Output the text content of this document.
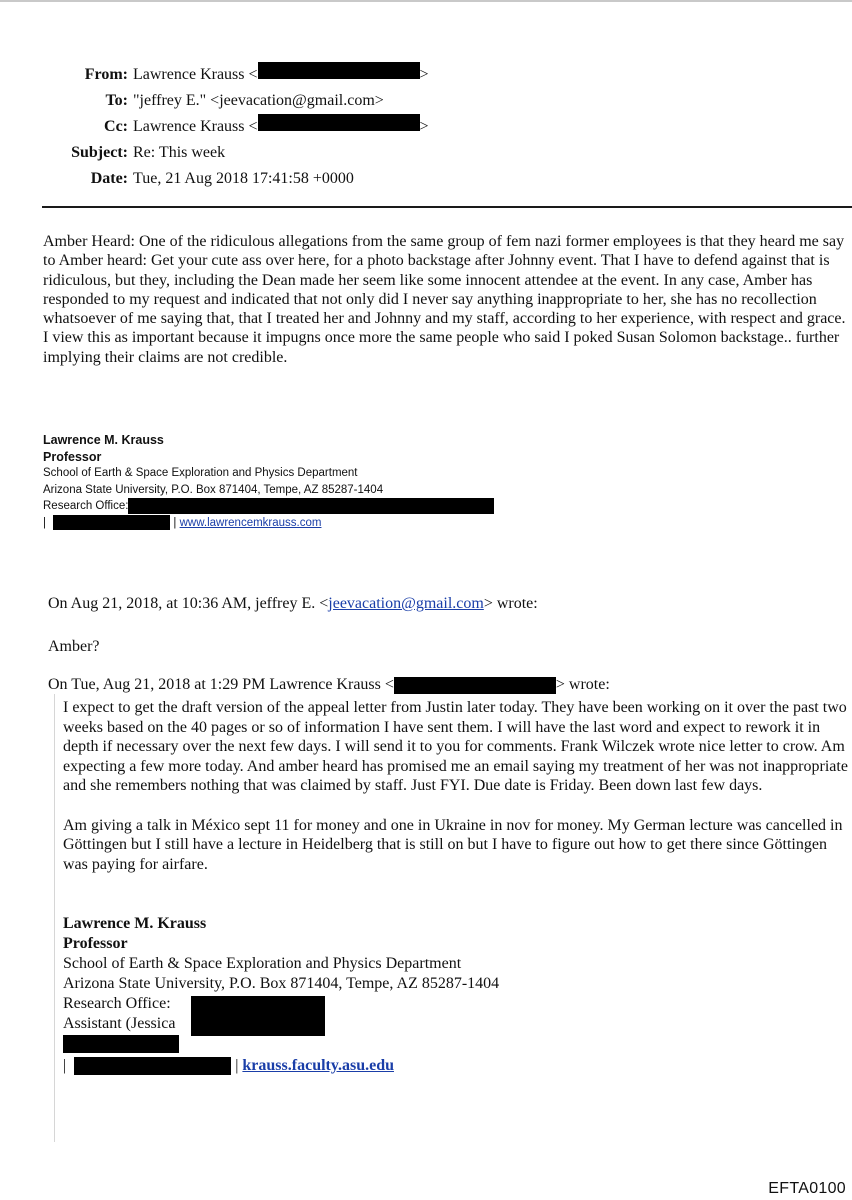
From: Lawrence Krauss <	>
To: "jeffrey E." <jeevacation@gmail.com>
Cc: Lawrence Krauss <	>
Subject: Re: This week
Date: Tue, 21 Aug 2018 17:41:58 +0000
Amber Heard: One of the ridiculous allegations from the same group of fem nazi former employees is that they heard me say to Amber heard: Get your cute ass over here, for a photo backstage after Johnny event. That I have to defend against that is ridiculous, but they, including the Dean made her seem like some innocent attendee at the event. In any case, Amber has responded to my request and indicated that not only did I never say anything inappropriate to her, she has no recollection whatsoever of me saying that, that I treated her and Johnny and my staff, according to her experience, with respect and grace. I view this as important because it impugns once more the same people who said I poked Susan Solomon backstage.. further implying their claims are not credible.
Lawrence M. Krauss
Professor
School of Earth & Space Exploration and Physics Department
Arizona State University, P.O. Box 871404, Tempe, AZ 85287-1404
Research Office:
|	| www.lawrencemkrauss.com
On Aug 21, 2018, at 10:36 AM, jeffrey E. <jeevacation@gmail.com> wrote:
Amber?
On Tue, Aug 21, 2018 at 1:29 PM Lawrence Krauss <	> wrote:

I expect to get the draft version of the appeal letter from Justin later today. They have been working on it over the past two weeks based on the 40 pages or so of information I have sent them. I will have the last word and expect to rework it in depth if necessary over the next few days. I will send it to you for comments. Frank Wilczek wrote nice letter to crow. Am expecting a few more today. And amber heard has promised me an email saying my treatment of her was not inappropriate and she remembers nothing that was claimed by staff. Just FYI. Due date is Friday. Been down last few days.

Am giving a talk in México sept 11 for money and one in Ukraine in nov for money. My German lecture was cancelled in Göttingen but I still have a lecture in Heidelberg that is still on but I have to figure out how to get there since Göttingen was paying for airfare.

Lawrence M. Krauss
Professor
School of Earth & Space Exploration and Physics Department
Arizona State University, P.O. Box 871404, Tempe, AZ 85287-1404
Research Office:
Assistant (Jessica
|	| krauss.faculty.asu.edu
EFTA0100
